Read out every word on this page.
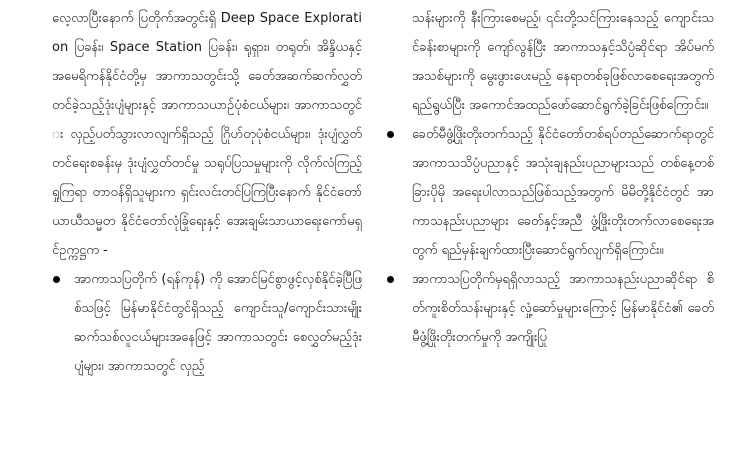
လေ့လာပြီးနောက် ပြတိုက်အတွင်းရှိ Deep Space Exploration ပြခန်း၊ Space Station ပြခန်း၊ ရုရှား၊ တရုတ်၊ အိန္ဒိယနှင့် အမေရိကန်နိုင်ငံတို့မှ အာကာသတွင်းသို့ ခေတ်အဆက်ဆက်လွှတ်တင်ခဲ့သည့်ဒုံးပျံများနှင့် အာကာသယာဉ်ပုံစံငယ်များ၊ အာကာသတွင်း လှည့်ပတ်သွားလာလျက်ရှိသည့် ဂြိုဟ်တုပုံစံငယ်များ၊ ဒုံးပျံလွှတ်တင်ရေးစခန်းမှ ဒုံးပျံလွှတ်တင်မှု သရုပ်ပြသမှုများကို လိုက်လံကြည့်ရှုကြရာ တာဝန်ရှိသူများက ရှင်းလင်းတင်ပြကြပြီးနောက် နိုင်ငံတော်ယာယီသမ္မတ နိုင်ငံတော်လုံခြုံရေးနှင့် အေးချမ်းသာယာရေးကော်မရှင်ဥက္ကဋ္ဌက -

အာကာသပြတိုက် (ရန်ကုန်) ကို အောင်မြင်စွာဖွင့်လှစ်နိုင်ခဲ့ပြီဖြစ်သဖြင့် မြန်မာနိုင်ငံတွင်ရှိသည့် ကျောင်းသူ/ကျောင်းသားမျိုးဆက်သစ်လူငယ်များအနေဖြင့် အာကာသတွင်း စေလွှတ်မည့်ဒုံးပျံများ၊ အာကာသတွင် လှည့်

သန်းများကို နီးကြားစေမည့်၊ ၎င်းတို့သင်ကြားနေသည့် ကျောင်းသင်ခန်းစာများကို ကျော်လွန်ပြီး အာကာသနှင့်သိပ္ပံဆိုင်ရာ အိပ်မက်အသစ်များကို မွေးဖွားပေးမည့် နေရာတစ်ခုဖြစ်လာစေရေးအတွက် ရည်ရွယ်ပြီး အကောင်အထည်ဖော်ဆောင်ရွက်ခဲ့ခြင်းဖြစ်ကြောင်း။

ခေတ်မီဖွံ့ဖြိုးတိုးတက်သည့် နိုင်ငံတော်တစ်ရပ်တည်ဆောက်ရာတွင် အာကာသသိပ္ပံပညာနှင့် အသုံးချနည်းပညာများသည် တစ်နေ့တစ်ခြားပိုမို အရေးပါလာသည်ဖြစ်သည့်အတွက် မိမိတို့နိုင်ငံတွင် အာကာသနည်းပညာများ ခေတ်နှင့်အညီ ဖွံ့ဖြိုးတိုးတက်လာစေရေးအတွက် ရည်မှန်းချက်ထားပြီးဆောင်ရွက်လျက်ရှိကြောင်း။

အာကာသပြတိုက်မှရရှိလာသည့် အာကာသနည်းပညာဆိုင်ရာ စိတ်ကူးစိတ်သန်းများနှင့် လှုံ့ဆော်မှုများကြောင့် မြန်မာနိုင်ငံ၏ ခေတ်မီဖွံ့ဖြိုးတိုးတက်မှုကို အကျိုးပြု
